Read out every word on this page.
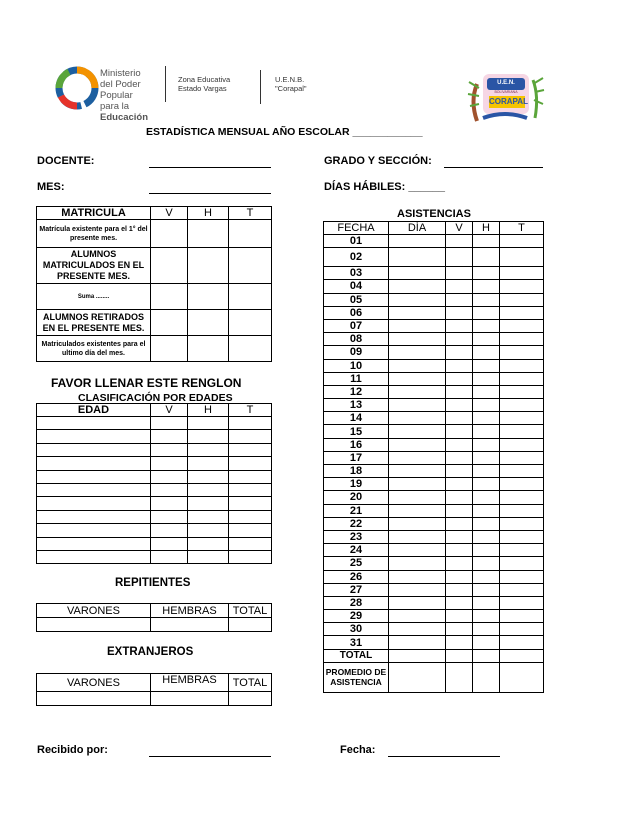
Ministerio
del Poder Popular
para la Educación
Zona Educativa
Estado Vargas
U.E.N.B.
"Corapal"
U.E.N.
BOLIVARIANA
CORAPAL
ESTADÍSTICA MENSUAL AÑO ESCOLAR ____________
DOCENTE:	GRADO Y SECCIÓN:
MES:	DÍAS HÁBILES: ______
MATRICULA	V	H	T
Matrícula existente para el 1° del presente mes.			
ALUMNOS MATRICULADOS EN EL PRESENTE MES.			
Suma ........			
ALUMNOS RETIRADOS EN EL PRESENTE MES.			
Matriculados existentes para el ultimo día del mes.			
FAVOR LLENAR ESTE RENGLON
CLASIFICACIÓN POR EDADES
EDAD	V	H	T

REPITIENTES
VARONES	HEMBRAS	TOTAL

EXTRANJEROS
VARONES	HEMBRAS	TOTAL

ASISTENCIAS
FECHA	DÍA	V	H	T
01				
02				
03				
04				
05				
06				
07				
08				
09				
10				
11				
12				
13				
14				
15				
16				
17				
18				
19				
20				
21				
22				
23				
24				
25				
26				
27				
28				
29				
30				
31				
TOTAL				
PROMEDIO DE ASISTENCIA				
Recibido por:	Fecha:
